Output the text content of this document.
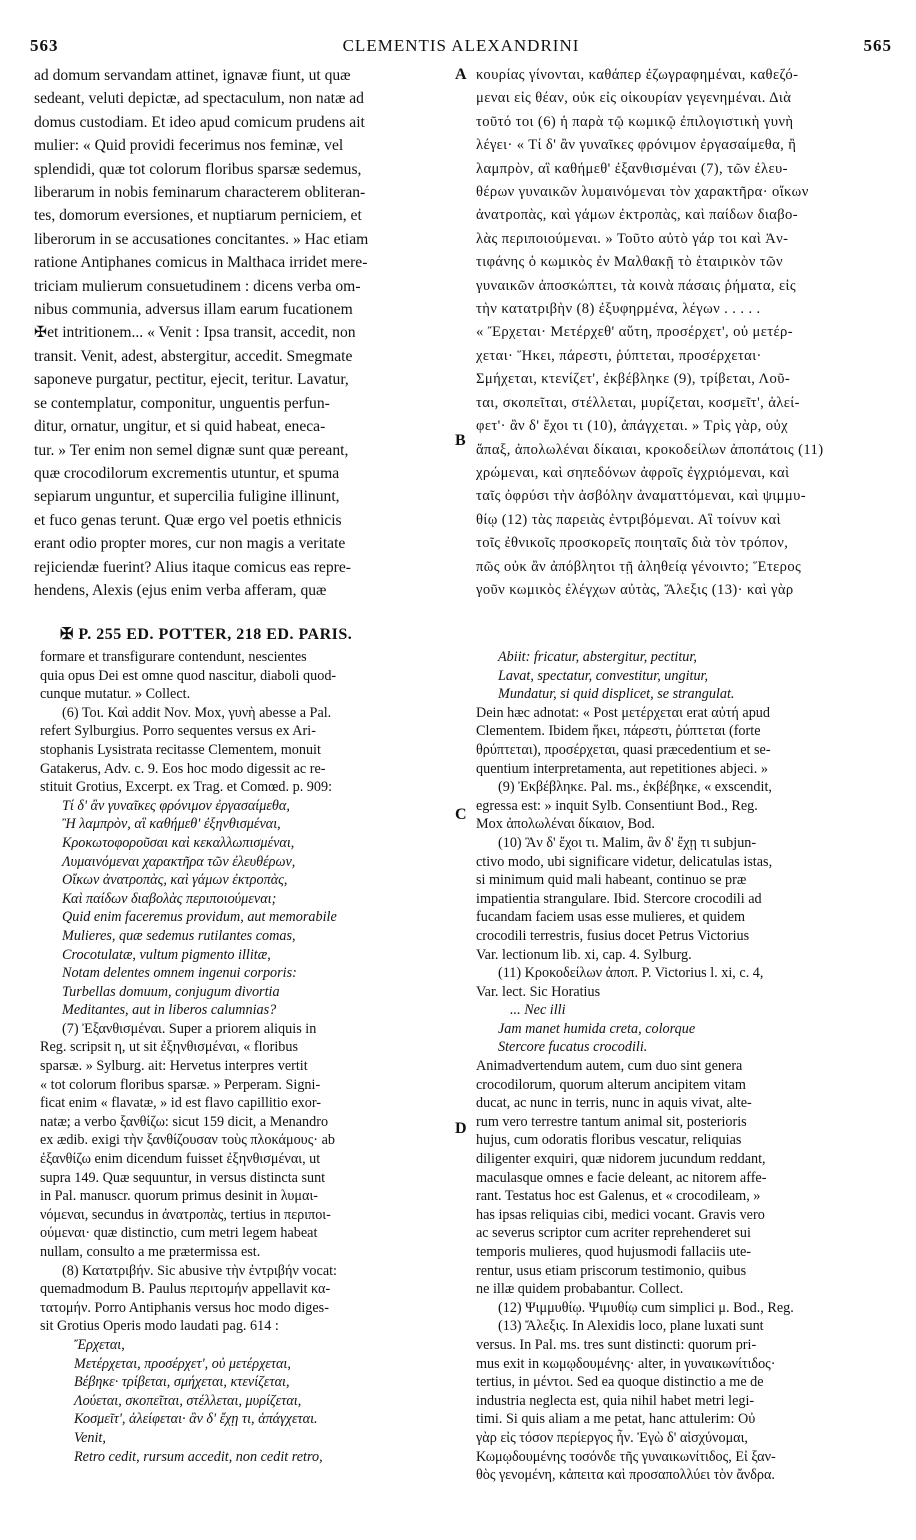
563	CLEMENTIS ALEXANDRINI	565
ad domum servandam attinet, ignavæ fiunt, ut quæ
sedeant, veluti depictæ, ad spectaculum, non natæ ad
domus custodiam. Et ideo apud comicum prudens ait
mulier: « Quid providi fecerimus nos feminæ, vel
splendidi, quæ tot colorum floribus sparsæ sedemus,
liberarum in nobis feminarum characterem obliteran-
tes, domorum eversiones, et nuptiarum perniciem, et
liberorum in se accusationes concitantes. » Hac etiam
ratione Antiphanes comicus in Malthaca irridet mere-
triciam mulierum consuetudinem : dicens verba om-
nibus communia, adversus illam earum fucationem
✠et intritionem... « Venit : Ipsa transit, accedit, non
transit. Venit, adest, abstergitur, accedit. Smegmate
saponeve purgatur, pectitur, ejecit, teritur. Lavatur,
se contemplatur, componitur, unguentis perfun-
ditur, ornatur, ungitur, et si quid habeat, eneca-
tur. » Ter enim non semel dignæ sunt quæ pereant,
quæ crocodilorum excrementis utuntur, et spuma
sepiarum unguntur, et supercilia fuligine illinunt,
et fuco genas terunt. Quæ ergo vel poetis ethnicis
erant odio propter mores, cur non magis a veritate
rejiciendæ fuerint? Alius itaque comicus eas repre-
hendens, Alexis (ejus enim verba afferam, quæ
κουρίας γίνονται, καθάπερ ἐζωγραφημέναι, καθεζό-
μεναι εἰς θέαν, οὐκ εἰς οἰκουρίαν γεγενημέναι. Διὰ
τοῦτό τοι (6) ἡ παρὰ τῷ κωμικῷ ἐπιλογιστικὴ γυνὴ
λέγει· « Τί δ' ἂν γυναῖκες φρόνιμον ἐργασαίμεθα, ἢ
λαμπρὸν, αἳ καθήμεθ' ἐξανθισμέναι (7), τῶν ἐλευ-
θέρων γυναικῶν λυμαινόμεναι τὸν χαρακτῆρα· οἴκων
ἀνατροπὰς, καὶ γάμων ἐκτροπὰς, καὶ παίδων διαβο-
λὰς περιποιούμεναι. » Τοῦτο αὐτὸ γάρ τοι καὶ Ἀν-
τιφάνης ὁ κωμικὸς ἐν Μαλθακῇ τὸ ἑταιρικὸν τῶν
γυναικῶν ἀποσκώπτει, τὰ κοινὰ πάσαις ῥήματα, εἰς
τὴν κατατριβὴν (8) ἐξυφηρμένα, λέγων . . . . .
« Ἔρχεται· Μετέρχεθ' αὕτη, προσέρχετ', οὐ μετέρ-
χεται· Ἥκει, πάρεστι, ῥύπτεται, προσέρχεται·
Σμήχεται, κτενίζετ', ἐκβέβληκε (9), τρίβεται, Λοῦ-
ται, σκοπεῖται, στέλλεται, μυρίζεται, κοσμεῖτ', ἀλεί-
φετ'· ἂν δ' ἔχοι τι (10), ἀπάγχεται. » Τρὶς γὰρ, οὐχ
ἅπαξ, ἀπολωλέναι δίκαιαι, κροκοδείλων ἀποπάτοις (11)
χρώμεναι, καὶ σηπεδόνων ἀφροῖς ἐγχριόμεναι, καὶ
ταῖς ὀφρύσι τὴν ἀσβόλην ἀναματτόμεναι, καὶ ψιμμυ-
θίῳ (12) τὰς παρειὰς ἐντριβόμεναι. Αἳ τοίνυν καὶ
τοῖς ἐθνικοῖς προσκορεῖς ποιηταῖς διὰ τὸν τρόπον,
πῶς οὐκ ἂν ἀπόβλητοι τῇ ἀληθείᾳ γένοιντο; Ἕτερος
γοῦν κωμικὸς ἐλέγχων αὐτὰς, Ἄλεξις (13)· καὶ γὰρ
A
B
C
D
✠ P. 255 ED. POTTER, 218 ED. PARIS.
formare et transfigurare contendunt, nescientes
quia opus Dei est omne quod nascitur, diaboli quod-
cunque mutatur. » Collect.
(6) Τοι. Καὶ addit Nov. Mox, γυνὴ abesse a Pal.
refert Sylburgius. Porro sequentes versus ex Ari-
stophanis Lysistrata recitasse Clementem, monuit
Gatakerus, Adv. c. 9. Eos hoc modo digessit ac re-
stituit Grotius, Excerpt. ex Trag. et Comœd. p. 909:
Τί δ' ἂν γυναῖκες φρόνιμον ἐργασαίμεθα,
Ἢ λαμπρὸν, αἳ καθήμεθ' ἐξηνθισμέναι,
Κροκωτοφοροῦσαι καὶ κεκαλλωπισμέναι,
Λυμαινόμεναι χαρακτῆρα τῶν ἐλευθέρων,
Οἴκων ἀνατροπὰς, καὶ γάμων ἐκτροπὰς,
Καὶ παίδων διαβολὰς περιποιούμεναι;
Quid enim faceremus providum, aut memorabile
Mulieres, quæ sedemus rutilantes comas,
Crocotulatæ, vultum pigmento illitæ,
Notam delentes omnem ingenui corporis:
Turbellas domuum, conjugum divortia
Meditantes, aut in liberos calumnias?
(7) Ἐξανθισμέναι. Super a priorem aliquis in
Reg. scripsit η, ut sit ἐξηνθισμέναι, « floribus
sparsæ. » Sylburg. ait: Hervetus interpres vertit
« tot colorum floribus sparsæ. » Perperam. Signi-
ficat enim « flavatæ, » id est flavo capillitio exor-
natæ; a verbo ξανθίζω: sicut 159 dicit, a Menandro
ex ædib. exigi τὴν ξανθίζουσαν τοὺς πλοκάμους· ab
ἐξανθίζω enim dicendum fuisset ἐξηνθισμέναι, ut
supra 149. Quæ sequuntur, in versus distincta sunt
in Pal. manuscr. quorum primus desinit in λυμαι-
νόμεναι, secundus in ἀνατροπὰς, tertius in περιποι-
ούμεναι· quæ distinctio, cum metri legem habeat
nullam, consulto a me prætermissa est.
(8) Κατατριβήν. Sic abusive τὴν ἐντριβήν vocat:
quemadmodum B. Paulus περιτομήν appellavit κα-
τατομήν. Porro Antiphanis versus hoc modo diges-
sit Grotius Operis modo laudati pag. 614 :
Ἔρχεται,
Μετέρχεται, προσέρχετ', οὐ μετέρχεται,
Βέβηκε· τρίβεται, σμήχεται, κτενίζεται,
Λούεται, σκοπεῖται, στέλλεται, μυρίζεται,
Κοσμεῖτ', ἀλείφεται· ἂν δ' ἔχῃ τι, ἀπάγχεται.
Venit,
Retro cedit, rursum accedit, non cedit retro,
Abiit: fricatur, abstergitur, pectitur,
Lavat, spectatur, convestitur, ungitur,
Mundatur, si quid displicet, se strangulat.
Dein hæc adnotat: « Post μετέρχεται erat αὐτή apud
Clementem. Ibidem ἥκει, πάρεστι, ῥύπτεται (forte
θρύπτεται), προσέρχεται, quasi præcedentium et se-
quentium interpretamenta, aut repetitiones abjeci. »
(9) Ἐκβέβληκε. Pal. ms., ἐκβέβηκε, « exscendit,
egressa est: » inquit Sylb. Consentiunt Bod., Reg.
Mox ἀπολωλέναι δίκαιον, Bod.
(10) Ἂν δ' ἔχοι τι. Malim, ἂν δ' ἔχῃ τι subjun-
ctivo modo, ubi significare videtur, delicatulas istas,
si minimum quid mali habeant, continuo se præ
impatientia strangulare. Ibid. Stercore crocodili ad
fucandam faciem usas esse mulieres, et quidem
crocodili terrestris, fusius docet Petrus Victorius
Var. lectionum lib. xi, cap. 4. Sylburg.
(11) Κροκοδείλων ἀποπ. P. Victorius l. xi, c. 4,
Var. lect. Sic Horatius
... Nec illi
Jam manet humida creta, colorque
Stercore fucatus crocodili.
Animadvertendum autem, cum duo sint genera
crocodilorum, quorum alterum ancipitem vitam
ducat, ac nunc in terris, nunc in aquis vivat, alte-
rum vero terrestre tantum animal sit, posterioris
hujus, cum odoratis floribus vescatur, reliquias
diligenter exquiri, quæ nidorem jucundum reddant,
maculasque omnes e facie deleant, ac nitorem affe-
rant. Testatus hoc est Galenus, et « crocodileam, »
has ipsas reliquias cibi, medici vocant. Gravis vero
ac severus scriptor cum acriter reprehenderet sui
temporis mulieres, quod hujusmodi fallaciis ute-
rentur, usus etiam priscorum testimonio, quibus
ne illæ quidem probabantur. Collect.
(12) Ψιμμυθίῳ. Ψιμυθίῳ cum simplici μ. Bod., Reg.
(13) Ἄλεξις. In Alexidis loco, plane luxati sunt
versus. In Pal. ms. tres sunt distincti: quorum pri-
mus exit in κωμῳδουμένης· alter, in γυναικωνίτιδος·
tertius, in μέντοι. Sed ea quoque distinctio a me de
industria neglecta est, quia nihil habet metri legi-
timi. Si quis aliam a me petat, hanc attulerim: Οὐ
γὰρ εἰς τόσον περίεργος ἦν. Ἐγὼ δ' αἰσχύνομαι,
Κωμῳδουμένης τοσόνδε τῆς γυναικωνίτιδος, Εἰ ξαν-
θὸς γενομένη, κἀπειτα καὶ προσαπολλύει τὸν ἄνδρα.
